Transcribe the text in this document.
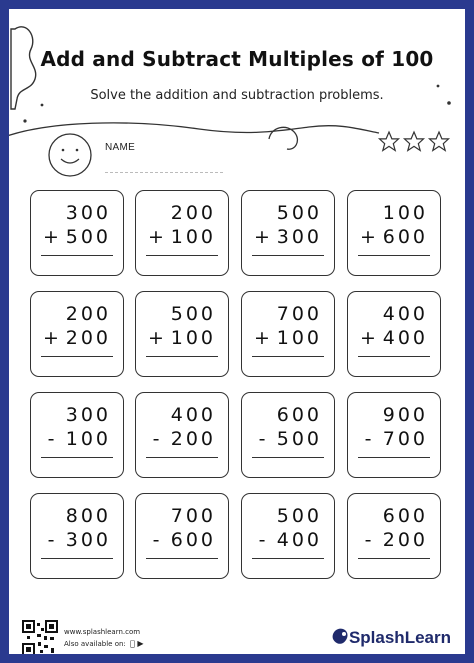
Add and Subtract Multiples of 100
Solve the addition and subtraction problems.
NAME
300
+ 500
200
+ 100
500
+ 300
100
+ 600
200
+ 200
500
+ 100
700
+ 100
400
+ 400
300
- 100
400
- 200
600
- 500
900
- 700
800
- 300
700
- 600
500
- 400
600
- 200
www.splashlearn.com
Also available on: ▶	SplashLearn
